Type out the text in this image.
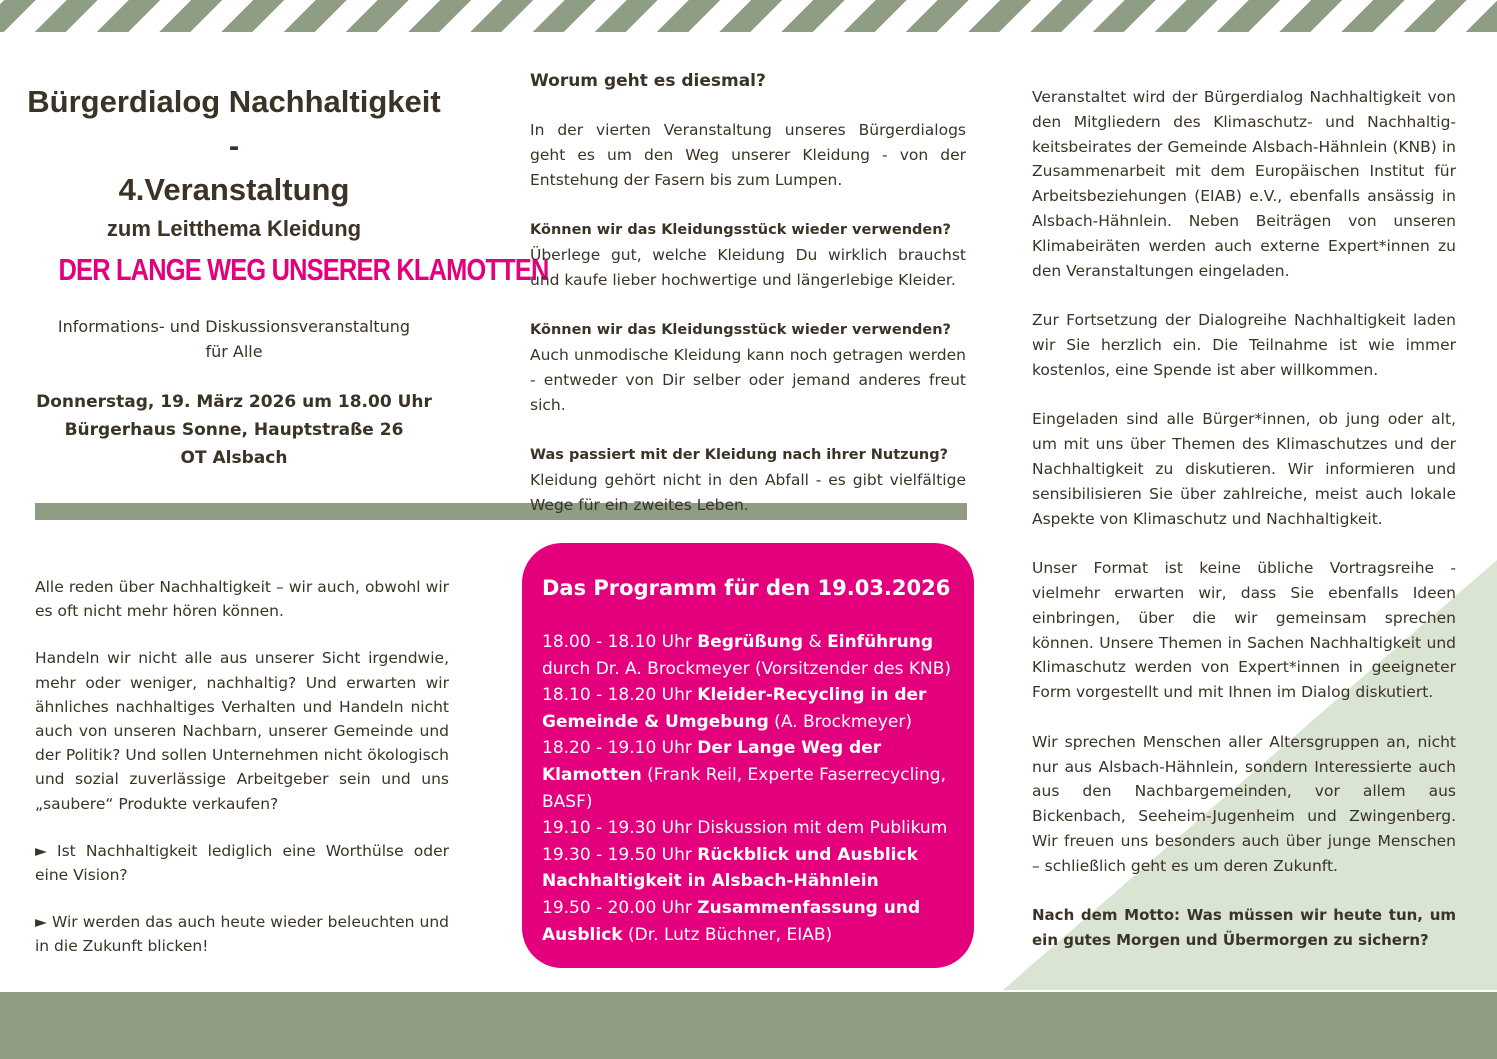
Bürgerdialog Nachhaltigkeit -
4.Veranstaltung
zum Leitthema Kleidung
DER LANGE WEG UNSERER KLAMOTTEN
Informations- und Diskussionsveranstaltung
für Alle
Donnerstag, 19. März 2026 um 18.00 Uhr
Bürgerhaus Sonne, Hauptstraße 26
OT Alsbach
Worum geht es diesmal?

In der vierten Veranstaltung unseres Bürgerdialogs geht es um den Weg unserer Kleidung - von der Entstehung der Fasern bis zum Lumpen.

Können wir das Kleidungsstück wieder verwenden?
Überlege gut, welche Kleidung Du wirklich brauchst und kaufe lieber hochwertige und längerlebige Kleider.

Können wir das Kleidungsstück wieder verwenden?
Auch unmodische Kleidung kann noch getragen werden - entweder von Dir selber oder jemand anderes freut sich.

Was passiert mit der Kleidung nach ihrer Nutzung?
Kleidung gehört nicht in den Abfall - es gibt vielfältige Wege für ein zweites Leben.

Veranstaltet wird der Bürgerdialog Nachhaltigkeit von den Mitgliedern des Klimaschutz- und Nachhaltigkeitsbeirates der Gemeinde Alsbach-Hähnlein (KNB) in Zusammenarbeit mit dem Europäischen Institut für Arbeitsbeziehungen (EIAB) e.V., ebenfalls ansässig in Alsbach-Hähnlein. Neben Beiträgen von unseren Klimabeiräten werden auch externe Expert*innen zu den Veranstaltungen eingeladen.

Zur Fortsetzung der Dialogreihe Nachhaltigkeit laden wir Sie herzlich ein. Die Teilnahme ist wie immer kostenlos, eine Spende ist aber willkommen.

Eingeladen sind alle Bürger*innen, ob jung oder alt, um mit uns über Themen des Klimaschutzes und der Nachhaltigkeit zu diskutieren. Wir informieren und sensibilisieren Sie über zahlreiche, meist auch lokale Aspekte von Klimaschutz und Nachhaltigkeit.

Unser Format ist keine übliche Vortragsreihe - vielmehr erwarten wir, dass Sie ebenfalls Ideen einbringen, über die wir gemeinsam sprechen können. Unsere Themen in Sachen Nachhaltigkeit und Klimaschutz werden von Expert*innen in geeigneter Form vorgestellt und mit Ihnen im Dialog diskutiert.

Wir sprechen Menschen aller Altersgruppen an, nicht nur aus Alsbach-Hähnlein, sondern Interessierte auch aus den Nachbargemeinden, vor allem aus Bickenbach, Seeheim-Jugenheim und Zwingenberg. Wir freuen uns besonders auch über junge Menschen – schließlich geht es um deren Zukunft.

Nach dem Motto: Was müssen wir heute tun, um ein gutes Morgen und Übermorgen zu sichern?

Alle reden über Nachhaltigkeit – wir auch, obwohl wir es oft nicht mehr hören können.

Handeln wir nicht alle aus unserer Sicht irgendwie, mehr oder weniger, nachhaltig? Und erwarten wir ähnliches nachhaltiges Verhalten und Handeln nicht auch von unseren Nachbarn, unserer Gemeinde und der Politik? Und sollen Unternehmen nicht ökologisch und sozial zuverlässige Arbeitgeber sein und uns „saubere“ Produkte verkaufen?

► Ist Nachhaltigkeit lediglich eine Worthülse oder eine Vision?

► Wir werden das auch heute wieder beleuchten und in die Zukunft blicken!

Das Programm für den 19.03.2026
18.00 - 18.10 Uhr Begrüßung & Einführung durch Dr. A. Brockmeyer (Vorsitzender des KNB)
18.10 - 18.20 Uhr Kleider-Recycling in der Gemeinde & Umgebung (A. Brockmeyer)
18.20 - 19.10 Uhr Der Lange Weg der Klamotten (Frank Reil, Experte Faserrecycling, BASF)
19.10 - 19.30 Uhr Diskussion mit dem Publikum
19.30 - 19.50 Uhr Rückblick und Ausblick Nachhaltigkeit in Alsbach-Hähnlein
19.50 - 20.00 Uhr Zusammenfassung und Ausblick (Dr. Lutz Büchner, EIAB)
